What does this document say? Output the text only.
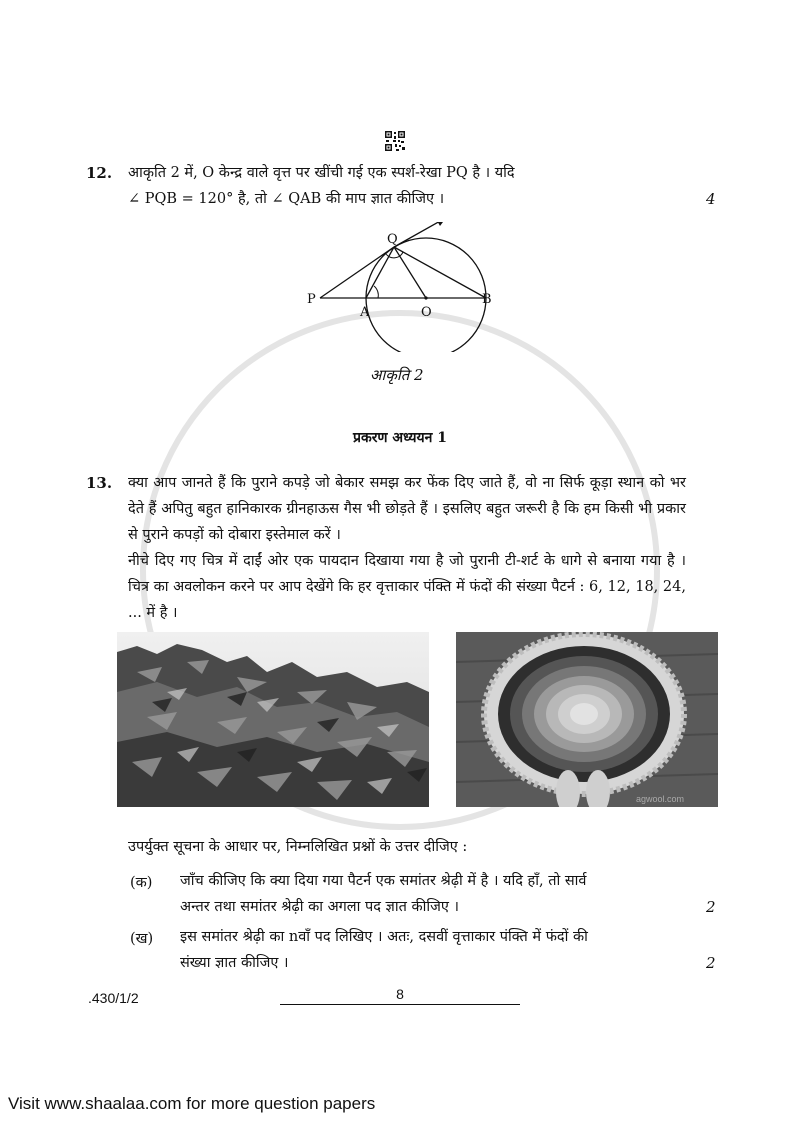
12. आकृति 2 में, O केन्द्र वाले वृत्त पर खींची गई एक स्पर्श-रेखा PQ है । यदि
∠ PQB = 120° है, तो ∠ QAB की माप ज्ञात कीजिए ।	4
P
Q
A	O
B
आकृति 2
प्रकरण अध्ययन 1
13. क्या आप जानते हैं कि पुराने कपड़े जो बेकार समझ कर फेंक दिए जाते हैं, वो ना सिर्फ कूड़ा स्थान को भर देते हैं अपितु बहुत हानिकारक ग्रीनहाऊस गैस भी छोड़ते हैं । इसलिए बहुत जरूरी है कि हम किसी भी प्रकार से पुराने कपड़ों को दोबारा इस्तेमाल करें ।
नीचे दिए गए चित्र में दाईं ओर एक पायदान दिखाया गया है जो पुरानी टी-शर्ट के धागे से बनाया गया है । चित्र का अवलोकन करने पर आप देखेंगे कि हर वृत्ताकार पंक्ति में फंदों की संख्या पैटर्न : 6, 12, 18, 24, ... में है ।
agwool.com
उपर्युक्त सूचना के आधार पर, निम्नलिखित प्रश्नों के उत्तर दीजिए :
(क) जाँच कीजिए कि क्या दिया गया पैटर्न एक समांतर श्रेढ़ी में है । यदि हाँ, तो सार्व
अन्तर तथा समांतर श्रेढ़ी का अगला पद ज्ञात कीजिए ।	2
(ख) इस समांतर श्रेढ़ी का nवाँ पद लिखिए । अतः, दसवीं वृत्ताकार पंक्ति में फंदों की
संख्या ज्ञात कीजिए ।	2
.430/1/2	8
Visit www.shaalaa.com for more question papers
